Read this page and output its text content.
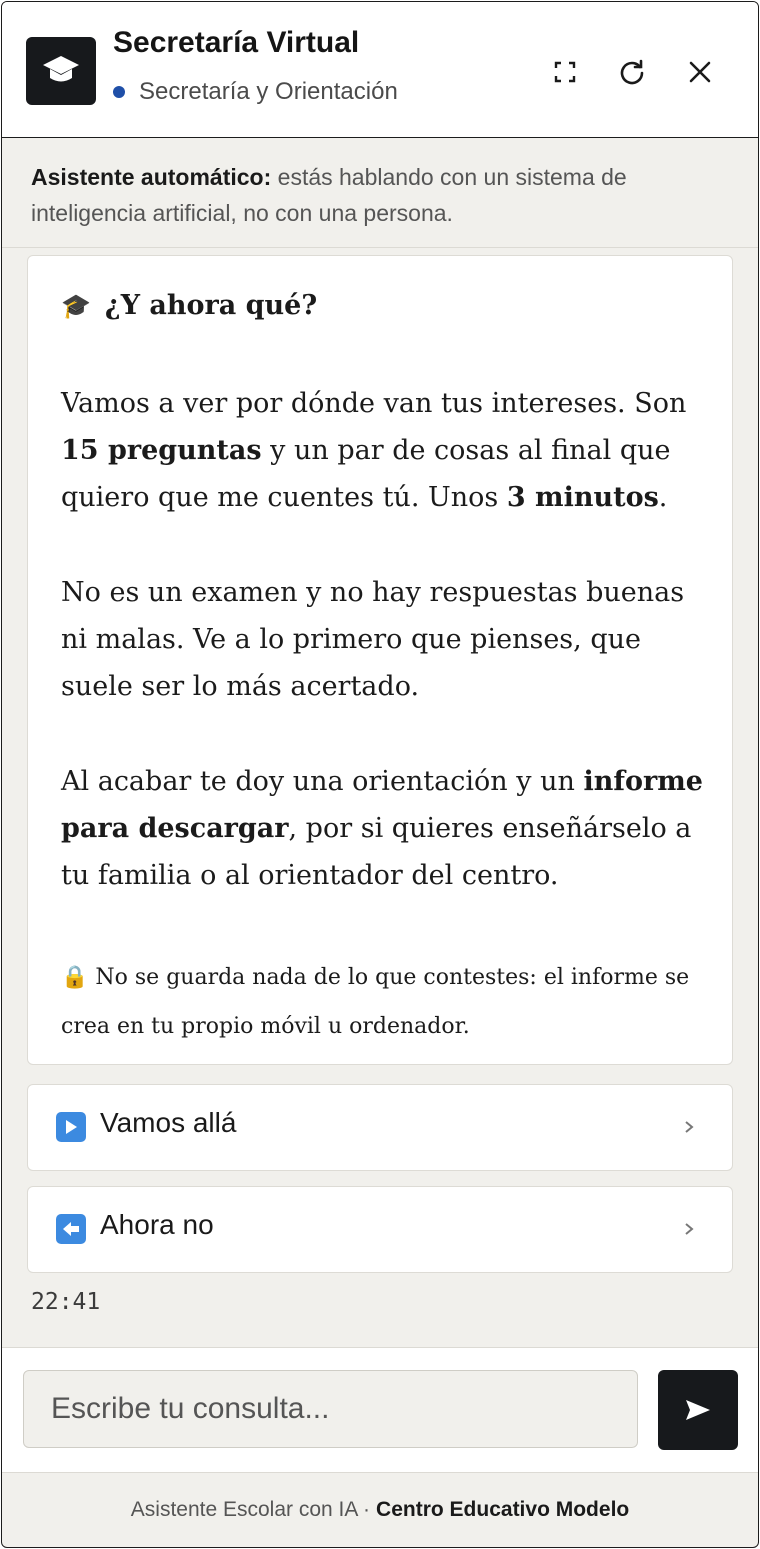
Secretaría Virtual
Secretaría y Orientación
Asistente automático: estás hablando con un sistema de inteligencia artificial, no con una persona.
🎓 ¿Y ahora qué?
Vamos a ver por dónde van tus intereses. Son 15 preguntas y un par de cosas al final que quiero que me cuentes tú. Unos 3 minutos.
No es un examen y no hay respuestas buenas ni malas. Ve a lo primero que pienses, que suele ser lo más acertado.
Al acabar te doy una orientación y un informe para descargar, por si quieres enseñárselo a tu familia o al orientador del centro.
🔒 No se guarda nada de lo que contestes: el informe se crea en tu propio móvil u ordenador.
Vamos allá
Ahora no
22:41
Escribe tu consulta...
Asistente Escolar con IA · Centro Educativo Modelo
